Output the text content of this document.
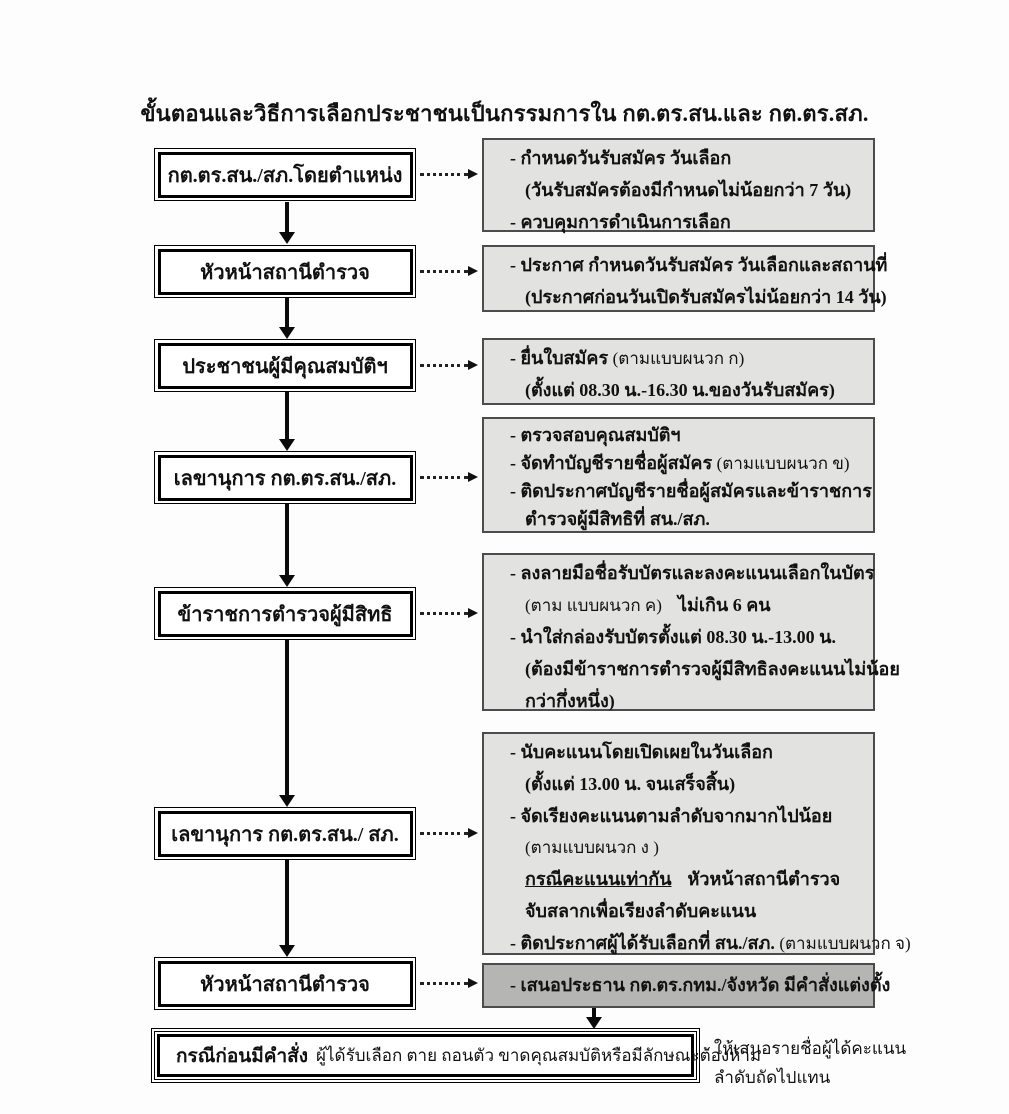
ขั้นตอนและวิธีการเลือกประชาชนเป็นกรรมการใน กต.ตร.สน.และ กต.ตร.สภ.
กต.ตร.สน./สภ.โดยตำแหน่ง
- กำหนดวันรับสมัคร วันเลือก
(วันรับสมัครต้องมีกำหนดไม่น้อยกว่า 7 วัน)
- ควบคุมการดำเนินการเลือก
หัวหน้าสถานีตำรวจ	- ประกาศ กำหนดวันรับสมัคร วันเลือกและสถานที่
(ประกาศก่อนวันเปิดรับสมัครไม่น้อยกว่า 14 วัน)
ประชาชนผู้มีคุณสมบัติฯ	- ยื่นใบสมัคร (ตามแบบผนวก ก)
(ตั้งแต่ 08.30 น.-16.30 น.ของวันรับสมัคร)
เลขานุการ กต.ตร.สน./สภ.
- ตรวจสอบคุณสมบัติฯ
- จัดทำบัญชีรายชื่อผู้สมัคร (ตามแบบผนวก ข)
- ติดประกาศบัญชีรายชื่อผู้สมัครและข้าราชการ
ตำรวจผู้มีสิทธิที่ สน./สภ.
ข้าราชการตำรวจผู้มีสิทธิ
- ลงลายมือชื่อรับบัตรและลงคะแนนเลือกในบัตร
(ตาม แบบผนวก ค) ไม่เกิน 6 คน
- นำใส่กล่องรับบัตรตั้งแต่ 08.30 น.-13.00 น.
(ต้องมีข้าราชการตำรวจผู้มีสิทธิลงคะแนนไม่น้อย
กว่ากึ่งหนึ่ง)
เลขานุการ กต.ตร.สน./ สภ.
- นับคะแนนโดยเปิดเผยในวันเลือก
(ตั้งแต่ 13.00 น. จนเสร็จสิ้น)
- จัดเรียงคะแนนตามลำดับจากมากไปน้อย
(ตามแบบผนวก ง )
กรณีคะแนนเท่ากัน หัวหน้าสถานีตำรวจ
จับสลากเพื่อเรียงลำดับคะแนน
- ติดประกาศผู้ได้รับเลือกที่ สน./สภ. (ตามแบบผนวก จ)
หัวหน้าสถานีตำรวจ	- เสนอประธาน กต.ตร.กทม./จังหวัด มีคำสั่งแต่งตั้ง
กรณีก่อนมีคำสั่ง ผู้ได้รับเลือก ตาย ถอนตัว ขาดคุณสมบัติหรือมีลักษณะต้องห้าม
- ให้เสนอรายชื่อผู้ได้คะแนน
ลำดับถัดไปแทน
